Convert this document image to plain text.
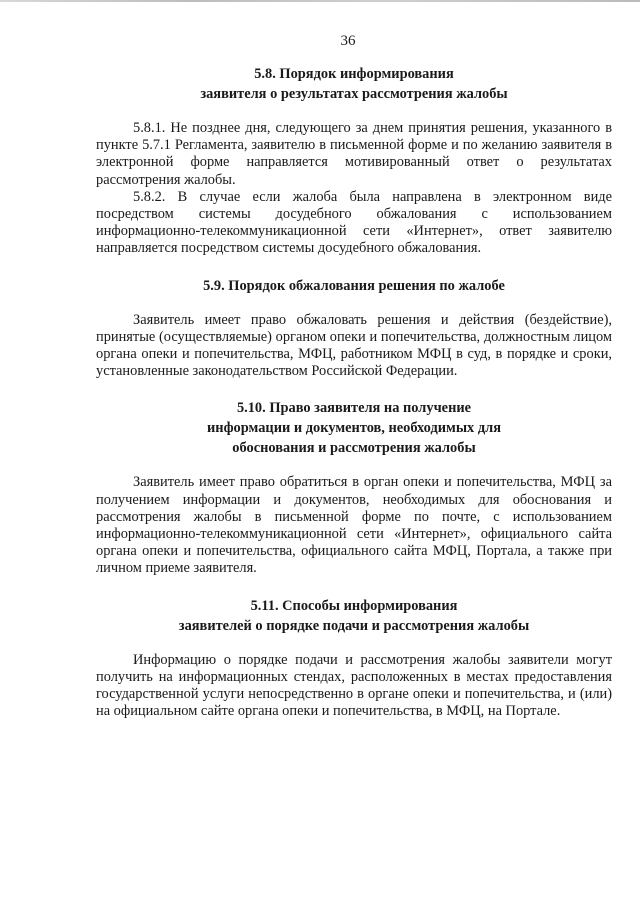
36
5.8. Порядок информирования
заявителя о результатах рассмотрения жалобы

5.8.1. Не позднее дня, следующего за днем принятия решения, указанного в пункте 5.7.1 Регламента, заявителю в письменной форме и по желанию заявителя в электронной форме направляется мотивированный ответ о результатах рассмотрения жалобы.

5.8.2. В случае если жалоба была направлена в электронном виде посредством системы досудебного обжалования с использованием информационно-телекоммуникационной сети «Интернет», ответ заявителю направляется посредством системы досудебного обжалования.

5.9. Порядок обжалования решения по жалобе

Заявитель имеет право обжаловать решения и действия (бездействие), принятые (осуществляемые) органом опеки и попечительства, должностным лицом органа опеки и попечительства, МФЦ, работником МФЦ в суд, в порядке и сроки, установленные законодательством Российской Федерации.

5.10. Право заявителя на получение
информации и документов, необходимых для
обоснования и рассмотрения жалобы

Заявитель имеет право обратиться в орган опеки и попечительства, МФЦ за получением информации и документов, необходимых для обоснования и рассмотрения жалобы в письменной форме по почте, с использованием информационно-телекоммуникационной сети «Интернет», официального сайта органа опеки и попечительства, официального сайта МФЦ, Портала, а также при личном приеме заявителя.

5.11. Способы информирования
заявителей о порядке подачи и рассмотрения жалобы

Информацию о порядке подачи и рассмотрения жалобы заявители могут получить на информационных стендах, расположенных в местах предоставления государственной услуги непосредственно в органе опеки и попечительства, и (или) на официальном сайте органа опеки и попечительства, в МФЦ, на Портале.
